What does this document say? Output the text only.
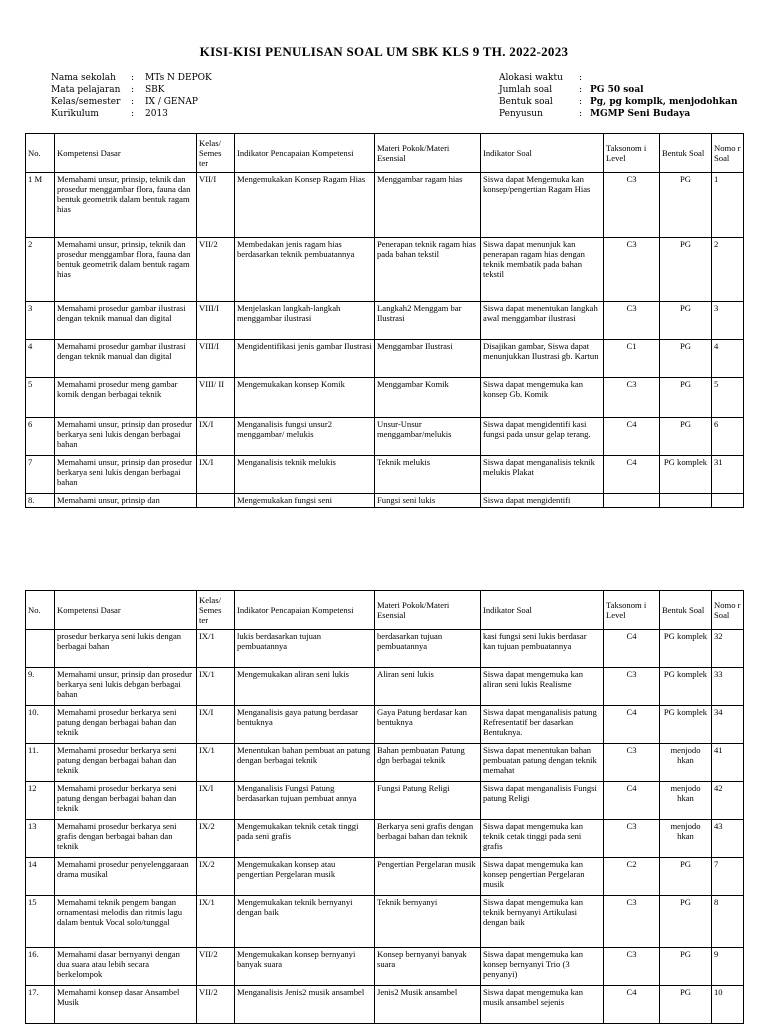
KISI-KISI PENULISAN SOAL UM SBK KLS 9 TH. 2022-2023
Nama sekolah	:	MTs N DEPOK
Mata pelajaran	:	SBK
Kelas/semester	:	IX / GENAP
Kurikulum	:	2013
Alokasi waktu	:
Jumlah soal	: PG 50 soal
Bentuk soal	: Pg, pg komplk, menjodohkan
Penyusun	: MGMP Seni Budaya
No.	Kompetensi Dasar	Kelas/ Semes ter	Indikator Pencapaian Kompetensi	Materi Pokok/Materi Esensial	Indikator Soal	Taksonom i Level	Bentuk Soal	Nomo r Soal
1 M	Memahami unsur, prinsip, teknik dan prosedur menggambar flora, fauna dan bentuk geometrik dalam bentuk ragam hias	VII/I	Mengemukakan Konsep Ragam Hias	Menggambar ragam hias	Siswa dapat Mengemuka kan konsep/pengertian Ragam Hias	C3	PG	1
2	Memahami unsur, prinsip, teknik dan prosedur menggambar flora, fauna dan bentuk geometrik dalam bentuk ragam hias	VII/2	Membedakan jenis ragam hias berdasarkan teknik pembuatannya	Penerapan teknik ragam hias pada bahan tekstil	Siswa dapat menunjuk kan penerapan ragam hias dengan teknik membatik pada bahan tekstil	C3	PG	2
3	Memahami prosedur gambar ilustrasi dengan teknik manual dan digital	VIII/I	Menjelaskan langkah-langkah menggambar ilustrasi	Langkah2 Menggam bar Ilustrasi	Siswa dapat menentukan langkah awal menggambar ilustrasi	C3	PG	3
4	Memahami prosedur gambar ilustrasi dengan teknik manual dan digital	VIII/I	Mengidentifikasi jenis gambar Ilustrasi	Menggambar Ilustrasi	Disajikan gambar, Siswa dapat menunjukkan Ilustrasi gb. Kartun	C1	PG	4
5	Memahami prosedur meng gambar komik dengan berbagai teknik	VIII/ II	Mengemukakan konsep Komik	Menggambar Komik	Siswa dapat mengemuka kan konsep Gb. Komik	C3	PG	5
6	Memahami unsur, prinsip dan prosedur berkarya seni lukis dengan berbagai bahan	IX/I	Menganalisis fungsi unsur2 menggambar/ melukis	Unsur-Unsur menggambar/melukis	Siswa dapat mengidentifi kasi fungsi pada unsur gelap terang.	C4	PG	6
7	Memahami unsur, prinsip dan prosedur berkarya seni lukis dengan berbagai bahan	IX/I	Menganalisis teknik melukis	Teknik melukis	Siswa dapat menganalisis teknik melukis Plakat	C4	PG komplek	31
8.	Memahami unsur, prinsip dan		Mengemukakan fungsi seni	Fungsi seni lukis	Siswa dapat mengidentifi			
No.	Kompetensi Dasar	Kelas/ Semes ter	Indikator Pencapaian Kompetensi	Materi Pokok/Materi Esensial	Indikator Soal	Taksonom i Level	Bentuk Soal	Nomo r Soal
	prosedur berkarya seni lukis dengan berbagai bahan	IX/1	lukis berdasarkan tujuan pembuatannya	berdasarkan tujuan pembuatannya	kasi fungsi seni lukis berdasar kan tujuan pembuatannya	C4	PG komplek	32
9.	Memahami unsur, prinsip dan prosedur berkarya seni lukis debgan berbagai bahan	IX/1	Mengemukakan aliran seni lukis	Aliran seni lukis	Siswa dapat mengemuka kan aliran seni lukis Realisme	C3	PG komplek	33
10.	Memahami prosedur berkarya seni patung dengan berbagai bahan dan teknik	IX/I	Menganalisis gaya patung berdasar bentuknya	Gaya Patung berdasar kan bentuknya	Siswa dapat menganalisis patung Refresentatif ber dasarkan Bentuknya.	C4	PG komplek	34
11.	Memahami prosedur berkarya seni patung dengan berbagai bahan dan teknik	IX/1	Menentukan bahan pembuat an patung dengan berbagai teknik	Bahan pembuatan Patung dgn berbagai teknik	Siswa dapat menentukan bahan pembuatan patung dengan teknik memahat	C3	menjodo hkan	41
12	Memahami prosedur berkarya seni patung dengan berbagai bahan dan teknik	IX/I	Menganalisis Fungsi Patung berdasarkan tujuan pembuat annya	Fungsi Patung Religi	Siswa dapat menganalisis Fungsi patung Religi	C4	menjodo hkan	42
13	Memahami prosedur berkarya seni grafis dengan berbagai bahan dan teknik	IX/2	Mengemukakan teknik cetak tinggi pada seni grafis	Berkarya seni grafis dengan berbagai bahan dan teknik	Siswa dapat mengemuka kan teknik cetak tinggi pada seni grafis	C3	menjodo hkan	43
14	Memahami prosedur penyelenggaraan drama musikal	IX/2	Mengemukakan konsep atau pengertian Pergelaran musik	Pengertian Pergelaran musik	Siswa dapat mengemuka kan konsep pengertian Pergelaran musik	C2	PG	7
15	Memahami teknik pengem bangan ornamentasi melodis dan ritmis lagu dalam bentuk Vocal solo/tunggal	IX/1	Mengemukakan teknik bernyanyi dengan baik	Teknik bernyanyi	Siswa dapat mengemuka kan teknik bernyanyi Artikulasi dengan baik	C3	PG	8
16.	Memahami dasar bernyanyi dengan dua suara atau lebih secara berkelompok	VII/2	Mengemukakan konsep bernyanyi banyak suara	Konsep bernyanyi banyak suara	Siswa dapat mengemuka kan konsep bernyanyi Trio (3 penyanyi)	C3	PG	9
17.	Memahami konsep dasar Ansambel Musik	VII/2	Menganalisis Jenis2 musik ansambel	Jenis2 Musik ansambel	Siswa dapat mengemuka kan musik ansambel sejenis	C4	PG	10
